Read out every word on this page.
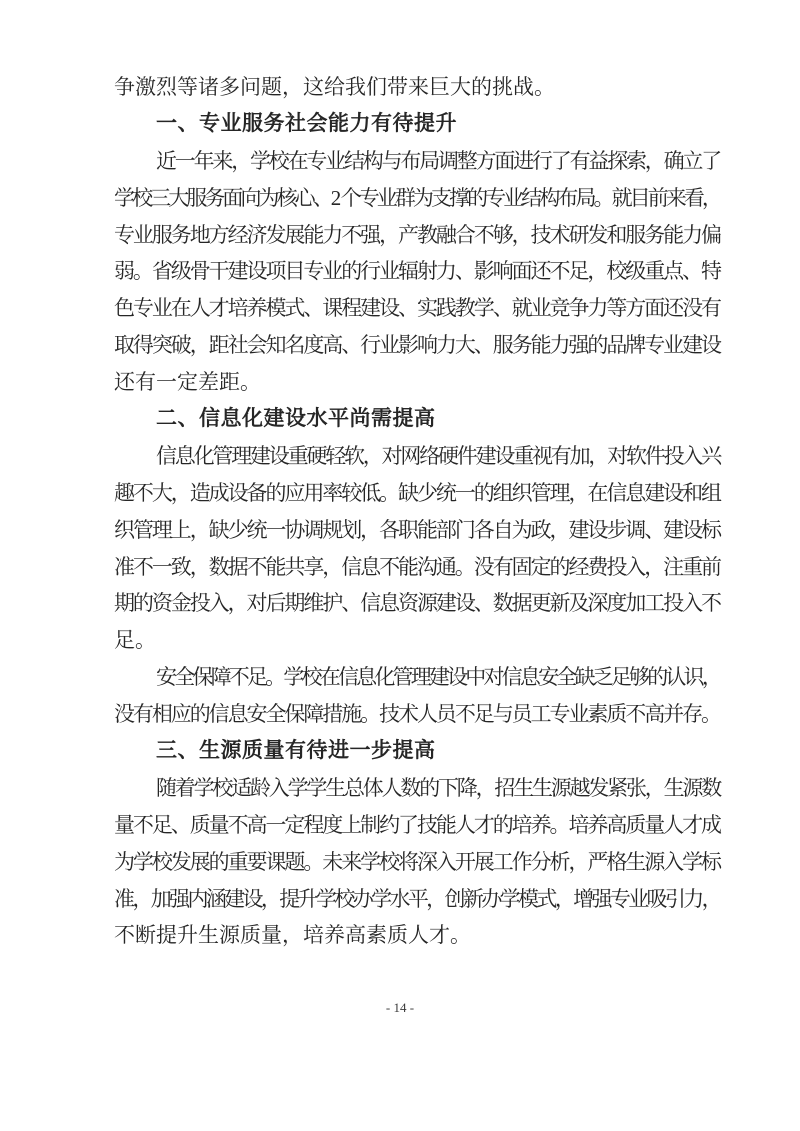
争激烈等诸多问题，这给我们带来巨大的挑战。
一、专业服务社会能力有待提升
近一年来，学校在专业结构与布局调整方面进行了有益探索，确立了
学校三大服务面向为核心、2 个专业群为支撑的专业结构布局。就目前来看，
专业服务地方经济发展能力不强，产教融合不够，技术研发和服务能力偏
弱。省级骨干建设项目专业的行业辐射力、影响面还不足，校级重点、特
色专业在人才培养模式、课程建设、实践教学、就业竞争力等方面还没有
取得突破，距社会知名度高、行业影响力大、服务能力强的品牌专业建设
还有一定差距。
二、信息化建设水平尚需提高
信息化管理建设重硬轻软，对网络硬件建设重视有加，对软件投入兴
趣不大，造成设备的应用率较低。缺少统一的组织管理，在信息建设和组
织管理上，缺少统一协调规划，各职能部门各自为政，建设步调、建设标
准不一致，数据不能共享，信息不能沟通。没有固定的经费投入，注重前
期的资金投入，对后期维护、信息资源建设、数据更新及深度加工投入不
足。
安全保障不足。学校在信息化管理建设中对信息安全缺乏足够的认识，
没有相应的信息安全保障措施。技术人员不足与员工专业素质不高并存。
三、生源质量有待进一步提高
随着学校适龄入学学生总体人数的下降，招生生源越发紧张，生源数
量不足、质量不高一定程度上制约了技能人才的培养。培养高质量人才成
为学校发展的重要课题。未来学校将深入开展工作分析，严格生源入学标
准，加强内涵建设，提升学校办学水平，创新办学模式，增强专业吸引力，
不断提升生源质量，培养高素质人才。
- 14 -
